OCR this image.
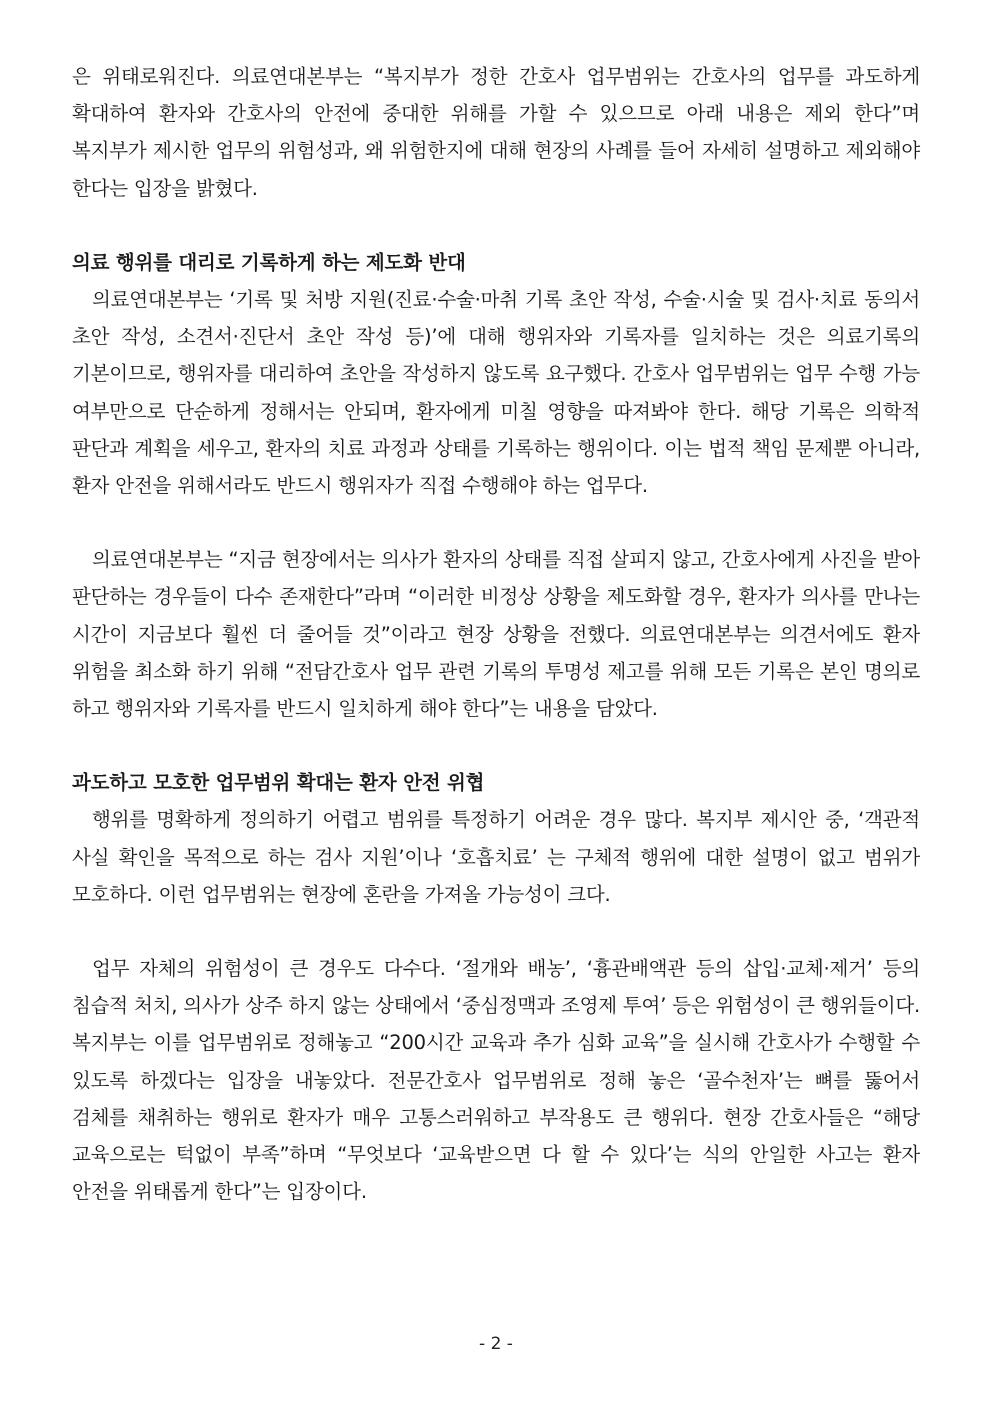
은 위태로워진다. 의료연대본부는 “복지부가 정한 간호사 업무범위는 간호사의 업무를 과도하게 확대하여 환자와 간호사의 안전에 중대한 위해를 가할 수 있으므로 아래 내용은 제외 한다”며 복지부가 제시한 업무의 위험성과, 왜 위험한지에 대해 현장의 사례를 들어 자세히 설명하고 제외해야 한다는 입장을 밝혔다.

의료 행위를 대리로 기록하게 하는 제도화 반대

의료연대본부는 ‘기록 및 처방 지원(진료·수술·마취 기록 초안 작성, 수술·시술 및 검사·치료 동의서 초안 작성, 소견서·진단서 초안 작성 등)’에 대해 행위자와 기록자를 일치하는 것은 의료기록의 기본이므로, 행위자를 대리하여 초안을 작성하지 않도록 요구했다. 간호사 업무범위는 업무 수행 가능 여부만으로 단순하게 정해서는 안되며, 환자에게 미칠 영향을 따져봐야 한다. 해당 기록은 의학적 판단과 계획을 세우고, 환자의 치료 과정과 상태를 기록하는 행위이다. 이는 법적 책임 문제뿐 아니라, 환자 안전을 위해서라도 반드시 행위자가 직접 수행해야 하는 업무다.

의료연대본부는 “지금 현장에서는 의사가 환자의 상태를 직접 살피지 않고, 간호사에게 사진을 받아 판단하는 경우들이 다수 존재한다”라며 “이러한 비정상 상황을 제도화할 경우, 환자가 의사를 만나는 시간이 지금보다 훨씬 더 줄어들 것”이라고 현장 상황을 전했다. 의료연대본부는 의견서에도 환자 위험을 최소화 하기 위해 “전담간호사 업무 관련 기록의 투명성 제고를 위해 모든 기록은 본인 명의로 하고 행위자와 기록자를 반드시 일치하게 해야 한다”는 내용을 담았다.

과도하고 모호한 업무범위 확대는 환자 안전 위협

행위를 명확하게 정의하기 어렵고 범위를 특정하기 어려운 경우 많다. 복지부 제시안 중, ‘객관적 사실 확인을 목적으로 하는 검사 지원’이나 ‘호흡치료’ 는 구체적 행위에 대한 설명이 없고 범위가 모호하다. 이런 업무범위는 현장에 혼란을 가져올 가능성이 크다.

업무 자체의 위험성이 큰 경우도 다수다. ‘절개와 배농’, ‘흉관배액관 등의 삽입·교체·제거’ 등의 침습적 처치, 의사가 상주 하지 않는 상태에서 ‘중심정맥과 조영제 투여’ 등은 위험성이 큰 행위들이다. 복지부는 이를 업무범위로 정해놓고 “200시간 교육과 추가 심화 교육”을 실시해 간호사가 수행할 수 있도록 하겠다는 입장을 내놓았다. 전문간호사 업무범위로 정해 놓은 ‘골수천자’는 뼈를 뚫어서 검체를 채취하는 행위로 환자가 매우 고통스러워하고 부작용도 큰 행위다. 현장 간호사들은 “해당 교육으로는 턱없이 부족”하며 “무엇보다 ‘교육받으면 다 할 수 있다’는 식의 안일한 사고는 환자 안전을 위태롭게 한다”는 입장이다.

- 2 -
